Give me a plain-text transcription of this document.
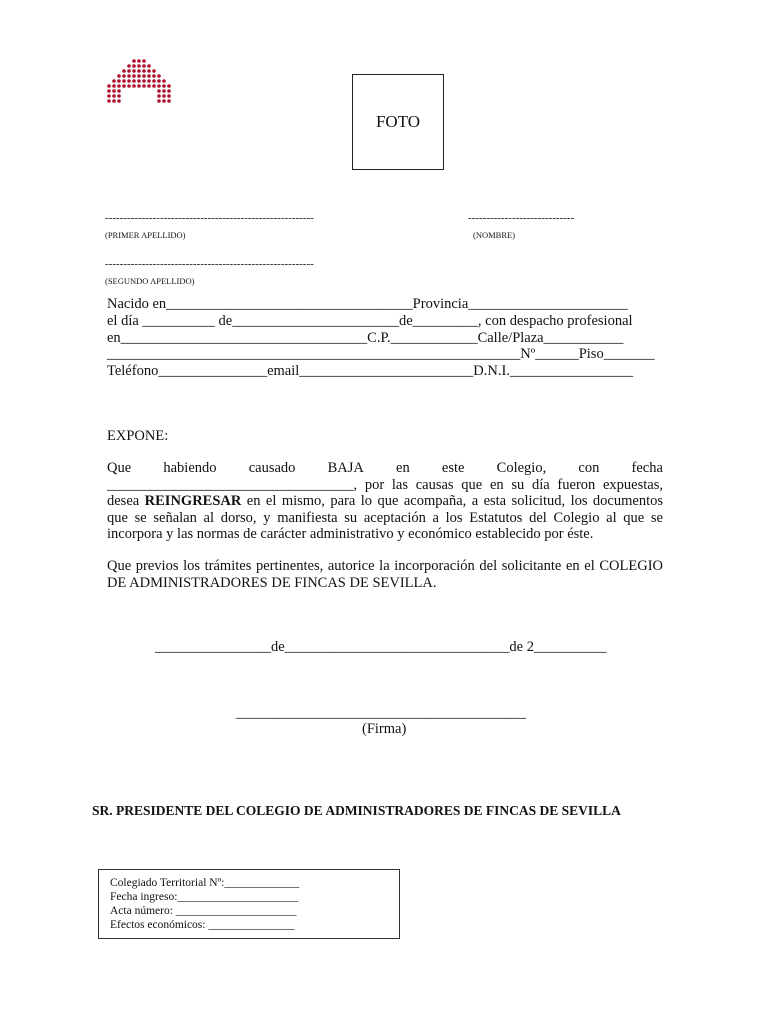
FOTO
---------------------------------------------------------	-----------------------------
(PRIMER APELLIDO)	(NOMBRE)
---------------------------------------------------------
(SEGUNDO APELLIDO)
Nacido en__________________________________Provincia______________________
el día __________ de_______________________de_________, con despacho profesional
en__________________________________C.P.____________Calle/Plaza___________
_________________________________________________________Nº______Piso_______
Teléfono_______________email________________________D.N.I._________________
EXPONE:
Que habiendo causado BAJA en este Colegio, con fecha
__________________________________, por las causas que en su día fueron expuestas,
desea REINGRESAR en el mismo, para lo que acompaña, a esta solicitud, los documentos que se señalan al dorso, y manifiesta su aceptación a los Estatutos del Colegio al que se incorpora y las normas de carácter administrativo y económico establecido por éste.
Que previos los trámites pertinentes, autorice la incorporación del solicitante en el COLEGIO DE ADMINISTRADORES DE FINCAS DE SEVILLA.
________________de_______________________________de 2__________
________________________________________
(Firma)
SR. PRESIDENTE DEL COLEGIO DE ADMINISTRADORES DE FINCAS DE SEVILLA
Colegiado Territorial Nº:_____________
Fecha ingreso:_____________________
Acta número: _____________________
Efectos económicos: _______________
